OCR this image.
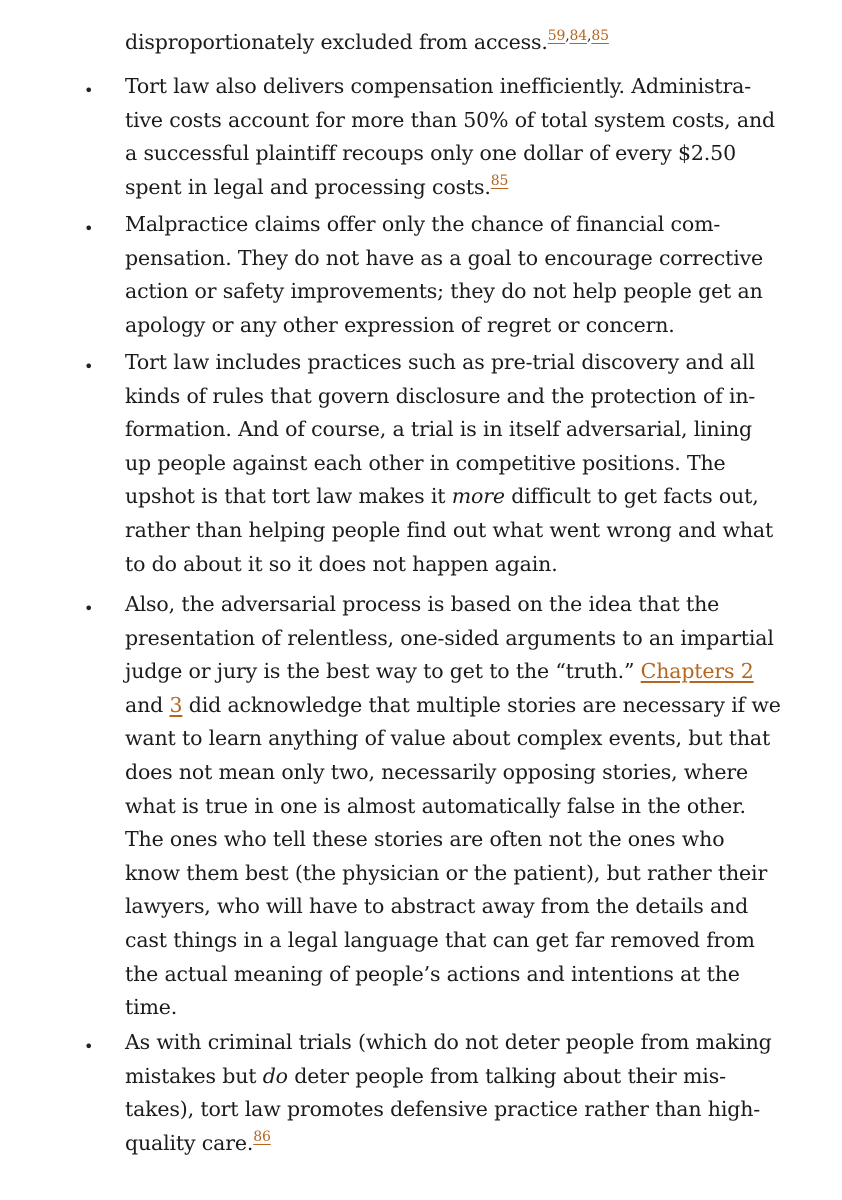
disproportionately excluded from access.$^{59,84,85}$

• Tort law also delivers compensation inefficiently. Administra-
tive costs account for more than 50% of total system costs, and
a successful plaintiff recoups only one dollar of every $2.50
spent in legal and processing costs.$^{85}$

• Malpractice claims offer only the chance of financial com-
pensation. They do not have as a goal to encourage corrective
action or safety improvements; they do not help people get an
apology or any other expression of regret or concern.

• Tort law includes practices such as pre-trial discovery and all
kinds of rules that govern disclosure and the protection of in-
formation. And of course, a trial is in itself adversarial, lining
up people against each other in competitive positions. The
upshot is that tort law makes it more difficult to get facts out,
rather than helping people find out what went wrong and what
to do about it so it does not happen again.

• Also, the adversarial process is based on the idea that the
presentation of relentless, one-sided arguments to an impartial
judge or jury is the best way to get to the “truth.” Chapters 2
and 3 did acknowledge that multiple stories are necessary if we
want to learn anything of value about complex events, but that
does not mean only two, necessarily opposing stories, where
what is true in one is almost automatically false in the other.
The ones who tell these stories are often not the ones who
know them best (the physician or the patient), but rather their
lawyers, who will have to abstract away from the details and
cast things in a legal language that can get far removed from
the actual meaning of people’s actions and intentions at the
time.

• As with criminal trials (which do not deter people from making
mistakes but do deter people from talking about their mis-
takes), tort law promotes defensive practice rather than high-
quality care.$^{86}$
